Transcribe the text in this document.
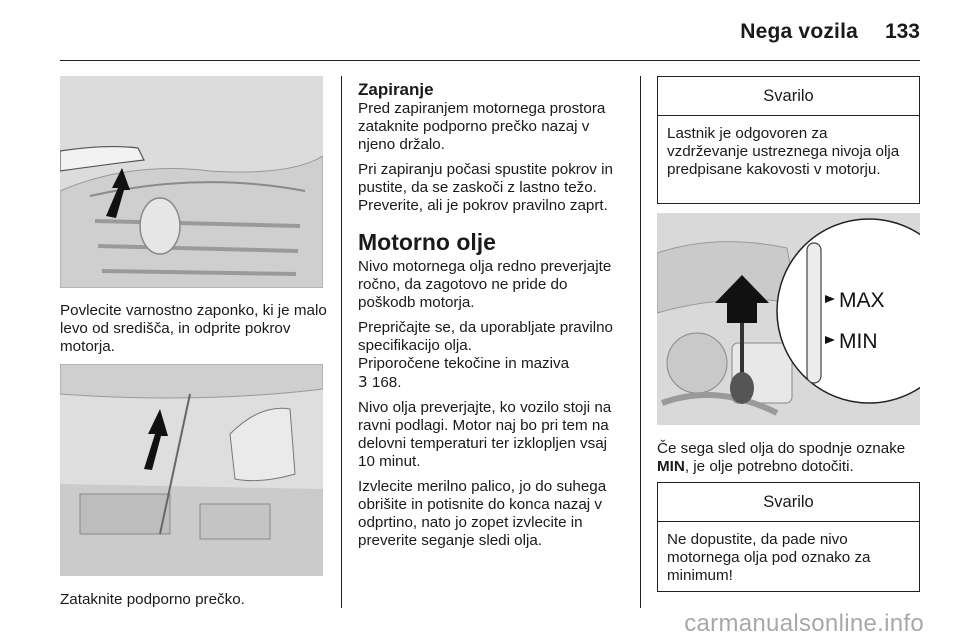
Nega vozila 133
Povlecite varnostno zaponko, ki je malo levo od središča, in odprite pokrov motorja.
Zataknite podporno prečko.
Zapiranje

Pred zapiranjem motornega prostora zataknite podporno prečko nazaj v njeno držalo.

Pri zapiranju počasi spustite pokrov in pustite, da se zaskoči z lastno težo. Preverite, ali je pokrov pravilno zaprt.

Motorno olje

Nivo motornega olja redno preverjajte ročno, da zagotovo ne pride do poškodb motorja.

Prepričajte se, da uporabljate pravilno specifikacijo olja.

Priporočene tekočine in maziva

3 168.

Nivo olja preverjajte, ko vozilo stoji na ravni podlagi. Motor naj bo pri tem na delovni temperaturi ter izklopljen vsaj 10 minut.

Izvlecite merilno palico, jo do suhega obrišite in potisnite do konca nazaj v odprtino, nato jo zopet izvlecite in preverite seganje sledi olja.

Svarilo
Lastnik je odgovoren za vzdrževanje ustreznega nivoja olja predpisane kakovosti v motorju.
MAX
MIN
Če sega sled olja do spodnje oznake MIN, je olje potrebno dotočiti.
Svarilo
Ne dopustite, da pade nivo motornega olja pod oznako za minimum!
carmanualsonline.info
